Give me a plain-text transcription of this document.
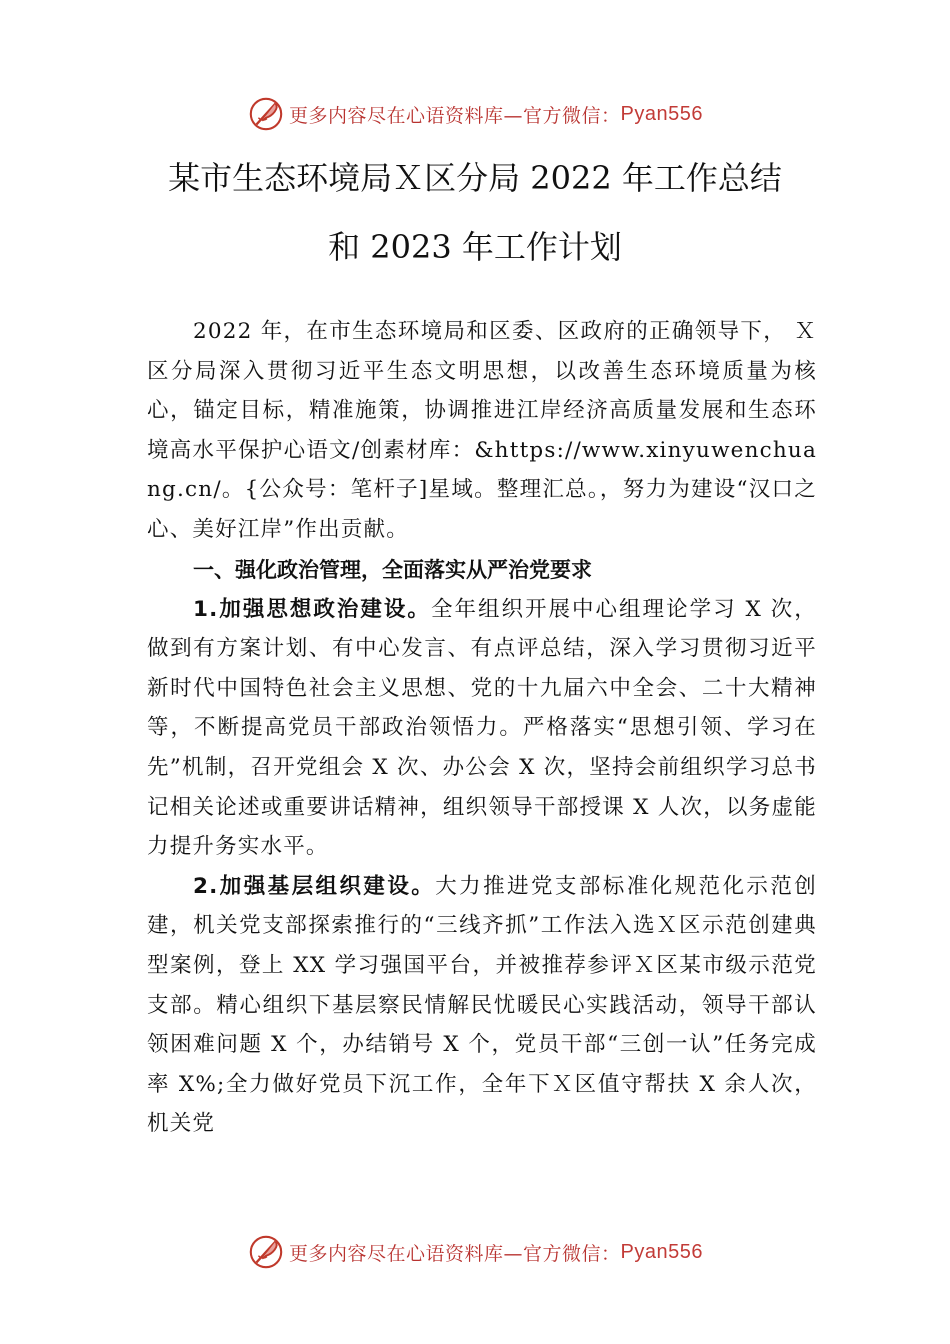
更多内容尽在心语资料库—官方微信： Pyan556
某市生态环境局Ｘ区分局 2022 年工作总结
和 2023 年工作计划

2022 年，在市生态环境局和区委、区政府的正确领导下， Ｘ区分局深入贯彻习近平生态文明思想，以改善生态环境质量为核心，锚定目标，精准施策，协调推进江岸经济高质量发展和生态环境高水平保护心语文/创素材库：&https://www.xinyuwenchuang.cn/。{公众号：笔杆子]星域。整理汇总。，努力为建设“汉口之心、美好江岸”作出贡献。

一、强化政治管理，全面落实从严治党要求

1.加强思想政治建设。全年组织开展中心组理论学习 X 次，做到有方案计划、有中心发言、有点评总结，深入学习贯彻习近平新时代中国特色社会主义思想、党的十九届六中全会、二十大精神等，不断提高党员干部政治领悟力。严格落实“思想引领、学习在先”机制，召开党组会 X 次、办公会 X 次，坚持会前组织学习总书记相关论述或重要讲话精神，组织领导干部授课 X 人次，以务虚能力提升务实水平。

2.加强基层组织建设。大力推进党支部标准化规范化示范创建，机关党支部探索推行的“三线齐抓”工作法入选Ｘ区示范创建典型案例，登上 XX 学习强国平台，并被推荐参评Ｘ区某市级示范党支部。精心组织下基层察民情解民忧暖民心实践活动，领导干部认领困难问题 X 个，办结销号 X 个，党员干部“三创一认”任务完成率 X%;全力做好党员下沉工作，全年下Ｘ区值守帮扶 X 余人次，机关党

更多内容尽在心语资料库—官方微信： Pyan556
